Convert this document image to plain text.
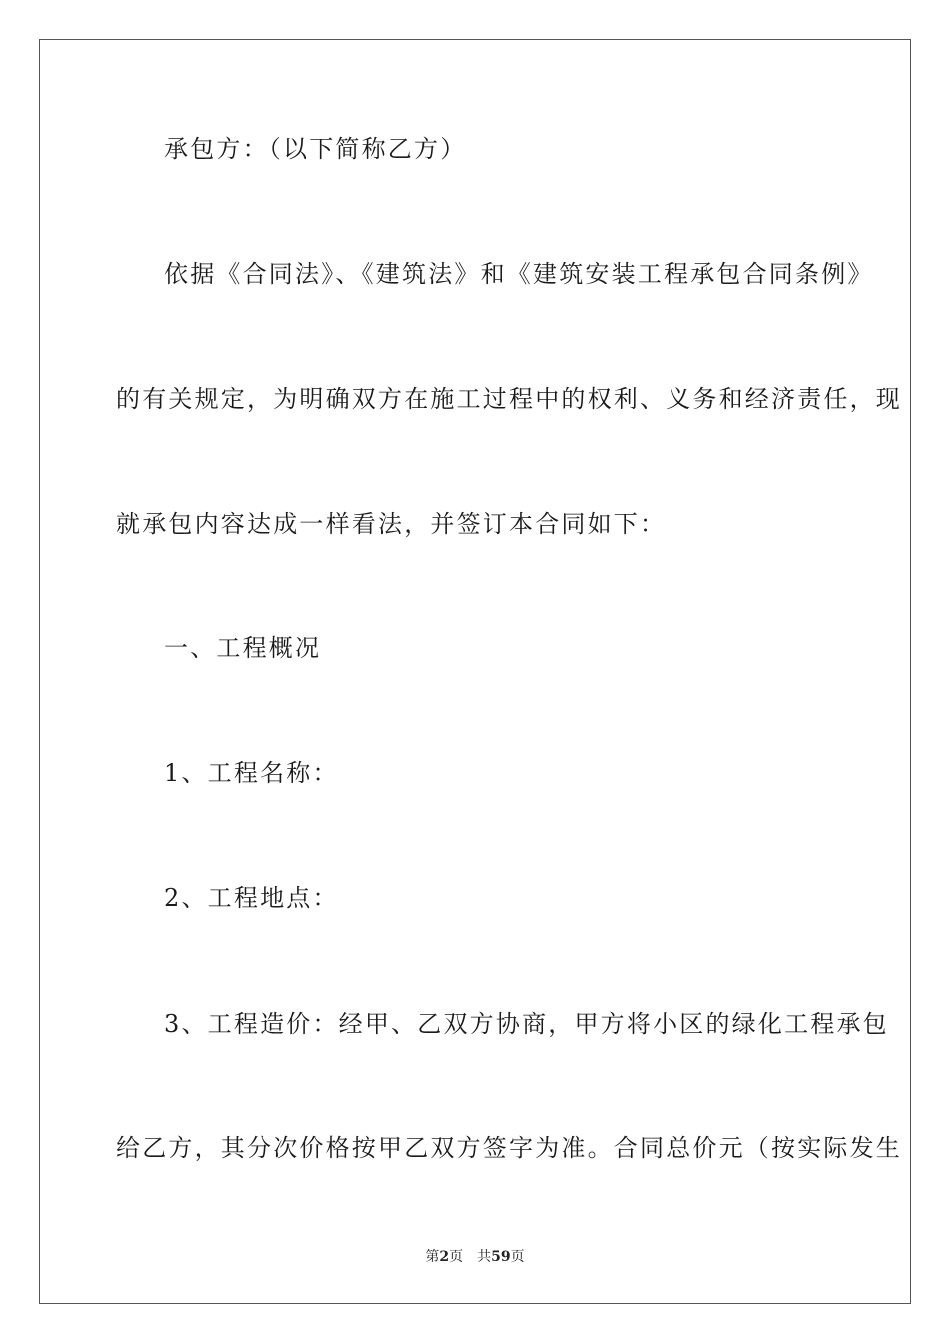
承包方：（以下简称乙方）
依据《合同法》、《建筑法》和《建筑安装工程承包合同条例》
的有关规定，为明确双方在施工过程中的权利、义务和经济责任，现
就承包内容达成一样看法，并签订本合同如下：
一、工程概况
1、工程名称：
2、工程地点：
3、工程造价：经甲、乙双方协商，甲方将小区的绿化工程承包
给乙方，其分次价格按甲乙双方签字为准。合同总价元（按实际发生
第2页 共59页
